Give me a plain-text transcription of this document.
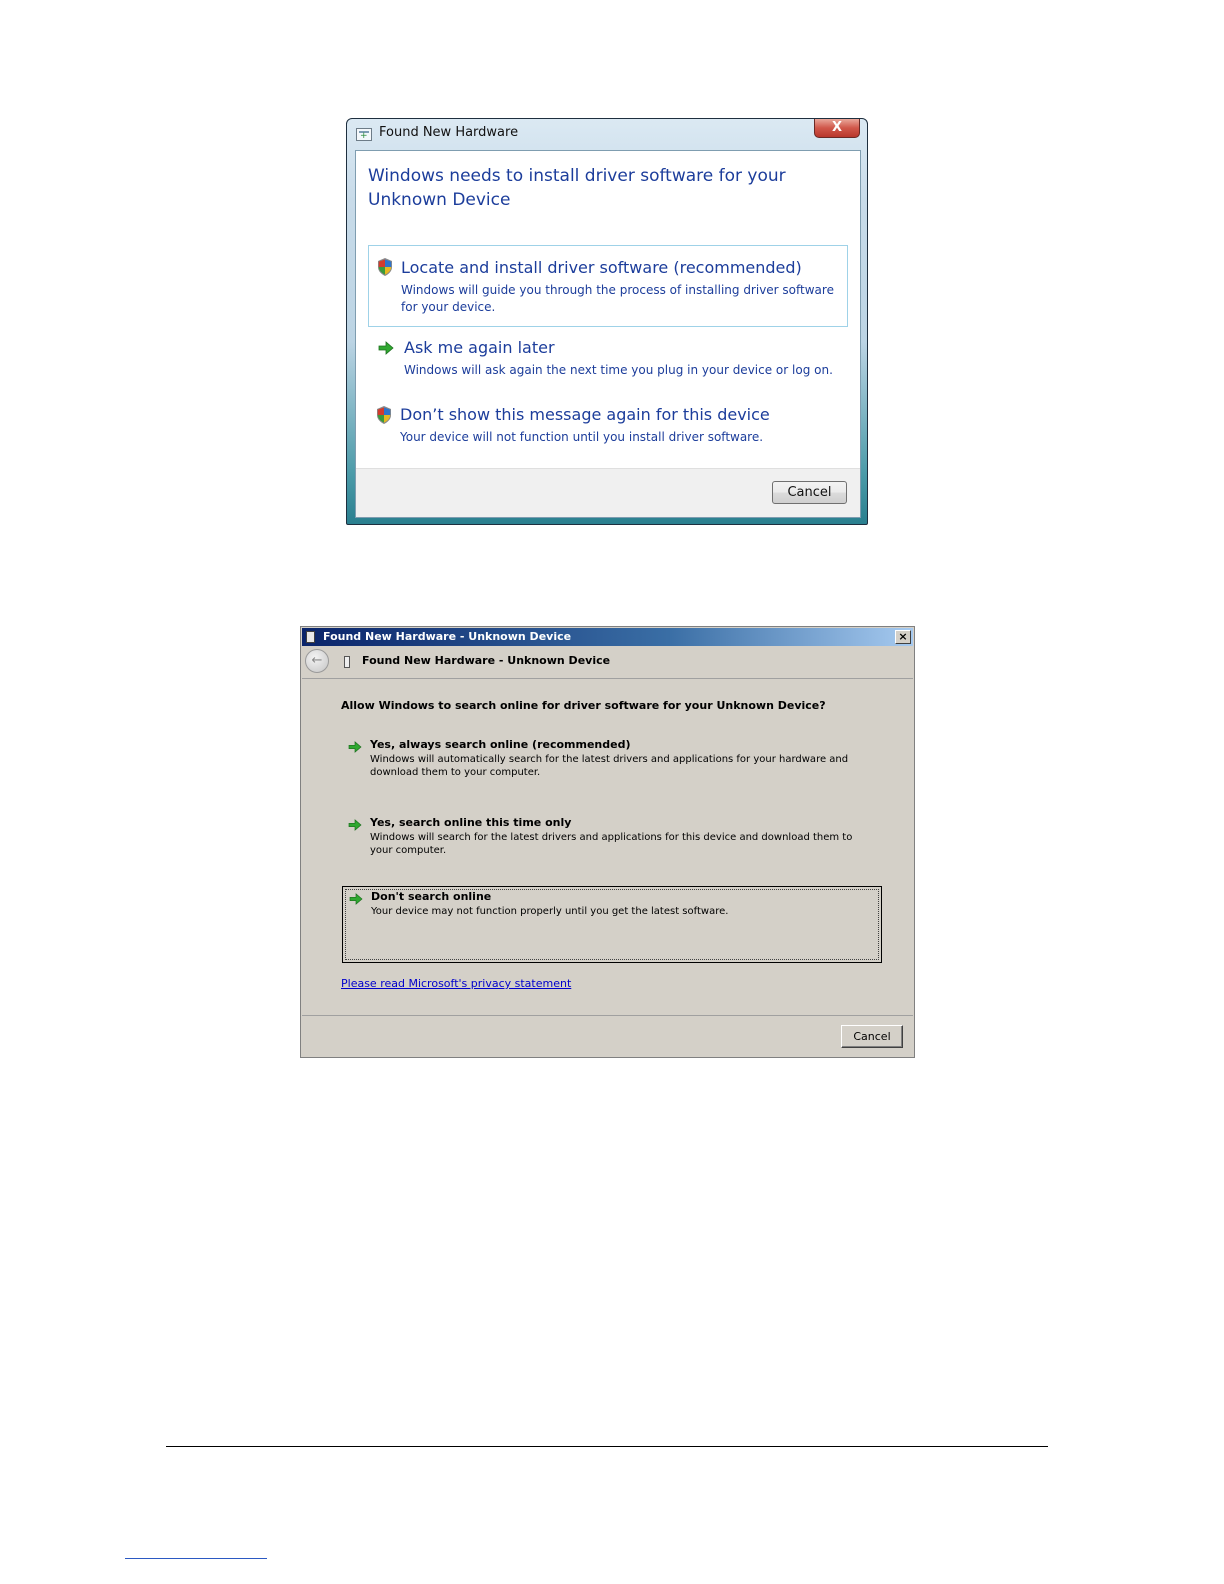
+
Found New Hardware	X
Windows needs to install driver software for your Unknown Device
Locate and install driver software (recommended)
Windows will guide you through the process of installing driver software for your device.
Ask me again later
Windows will ask again the next time you plug in your device or log on.
Don’t show this message again for this device
Your device will not function until you install driver software.
Cancel
Found New Hardware - Unknown Device	×
←	Found New Hardware - Unknown Device
Allow Windows to search online for driver software for your Unknown Device?
Yes, always search online (recommended)
Windows will automatically search for the latest drivers and applications for your hardware and download them to your computer.
Yes, search online this time only
Windows will search for the latest drivers and applications for this device and download them to your computer.
Don't search online
Your device may not function properly until you get the latest software.
Please read Microsoft's privacy statement
Cancel
